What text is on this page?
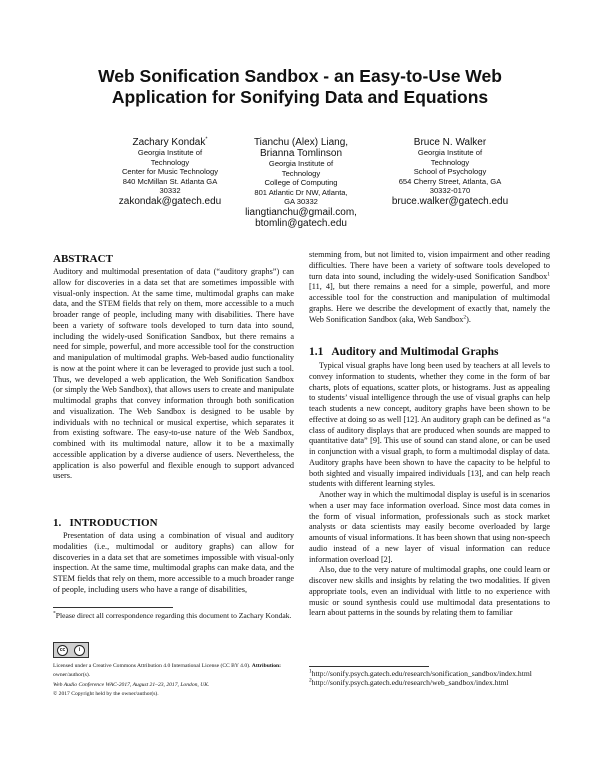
Web Sonification Sandbox - an Easy-to-Use Web
Application for Sonifying Data and Equations
Zachary Kondak*
Georgia Institute of
Technology
Center for Music Technology
840 McMillan St. Atlanta GA
30332
zakondak@gatech.edu
Tianchu (Alex) Liang,
Brianna Tomlinson
Georgia Institute of
Technology
College of Computing
801 Atlantic Dr NW, Atlanta,
GA 30332
liangtianchu@gmail.com,
btomlin@gatech.edu
Bruce N. Walker
Georgia Institute of
Technology
School of Psychology
654 Cherry Street, Atlanta, GA
30332-0170
bruce.walker@gatech.edu
ABSTRACT

Auditory and multimodal presentation of data (“auditory graphs”) can allow for discoveries in a data set that are sometimes impossible with visual-only inspection. At the same time, multimodal graphs can make data, and the STEM fields that rely on them, more accessible to a much broader range of people, including many with disabilities. There have been a variety of software tools developed to turn data into sound, including the widely-used Sonification Sandbox, but there remains a need for simple, powerful, and more accessible tool for the construction and manipulation of multimodal graphs. Web-based audio functionality is now at the point where it can be leveraged to provide just such a tool. Thus, we developed a web application, the Web Sonification Sandbox (or simply the Web Sandbox), that allows users to create and manipulate multimodal graphs that convey information through both sonification and visualization. The Web Sandbox is designed to be usable by individuals with no technical or musical expertise, which separates it from existing software. The easy-to-use nature of the Web Sandbox, combined with its multimodal nature, allow it to be a maximally accessible application by a diverse audience of users. Nevertheless, the application is also powerful and flexible enough to support advanced users.

1.   INTRODUCTION

Presentation of data using a combination of visual and auditory modalities (i.e., multimodal or auditory graphs) can allow for discoveries in a data set that are sometimes impossible with visual-only inspection. At the same time, multimodal graphs can make data, and the STEM fields that rely on them, more accessible to a much broader range of people, including users who have a range of disabilities,

*Please direct all correspondence regarding this document to Zachary Kondak.
cc	i
Licensed under a Creative Commons Attribution 4.0 International License (CC BY 4.0). Attribution: owner/author(s).
Web Audio Conference WAC-2017, August 21–23, 2017, London, UK.
© 2017 Copyright held by the owner/author(s).

stemming from, but not limited to, vision impairment and other reading difficulties. There have been a variety of software tools developed to turn data into sound, including the widely-used Sonification Sandbox$^1$ [11, 4], but there remains a need for a simple, powerful, and more accessible tool for the construction and manipulation of multimodal graphs. Here we describe the development of exactly that, namely the Web Sonification Sandbox (aka, Web Sandbox$^2$).

1.1   Auditory and Multimodal Graphs

Typical visual graphs have long been used by teachers at all levels to convey information to students, whether they come in the form of bar charts, plots of equations, scatter plots, or histograms. Just as appealing to students’ visual intelligence through the use of visual graphs can help teach students a new concept, auditory graphs have been shown to be effective at doing so as well [12]. An auditory graph can be defined as “a class of auditory displays that are produced when sounds are mapped to quantitative data” [9]. This use of sound can stand alone, or can be used in conjunction with a visual graph, to form a multimodal display of data. Auditory graphs have been shown to have the capacity to be helpful to both sighted and visually impaired individuals [13], and can help reach students with different learning styles.

Another way in which the multimodal display is useful is in scenarios when a user may face information overload. Since most data comes in the form of visual information, professionals such as stock market analysts or data scientists may easily become overloaded by large amounts of visual informations. It has been shown that using non-speech audio instead of a new layer of visual information can reduce information overload [2].

Also, due to the very nature of multimodal graphs, one could learn or discover new skills and insights by relating the two modalities. If given appropriate tools, even an individual with little to no experience with music or sound synthesis could use multimodal data presentations to learn about patterns in the sounds by relating them to familiar

$^1$http://sonify.psych.gatech.edu/research/sonification_sandbox/index.html
$^2$http://sonify.psych.gatech.edu/research/web_sandbox/index.html
